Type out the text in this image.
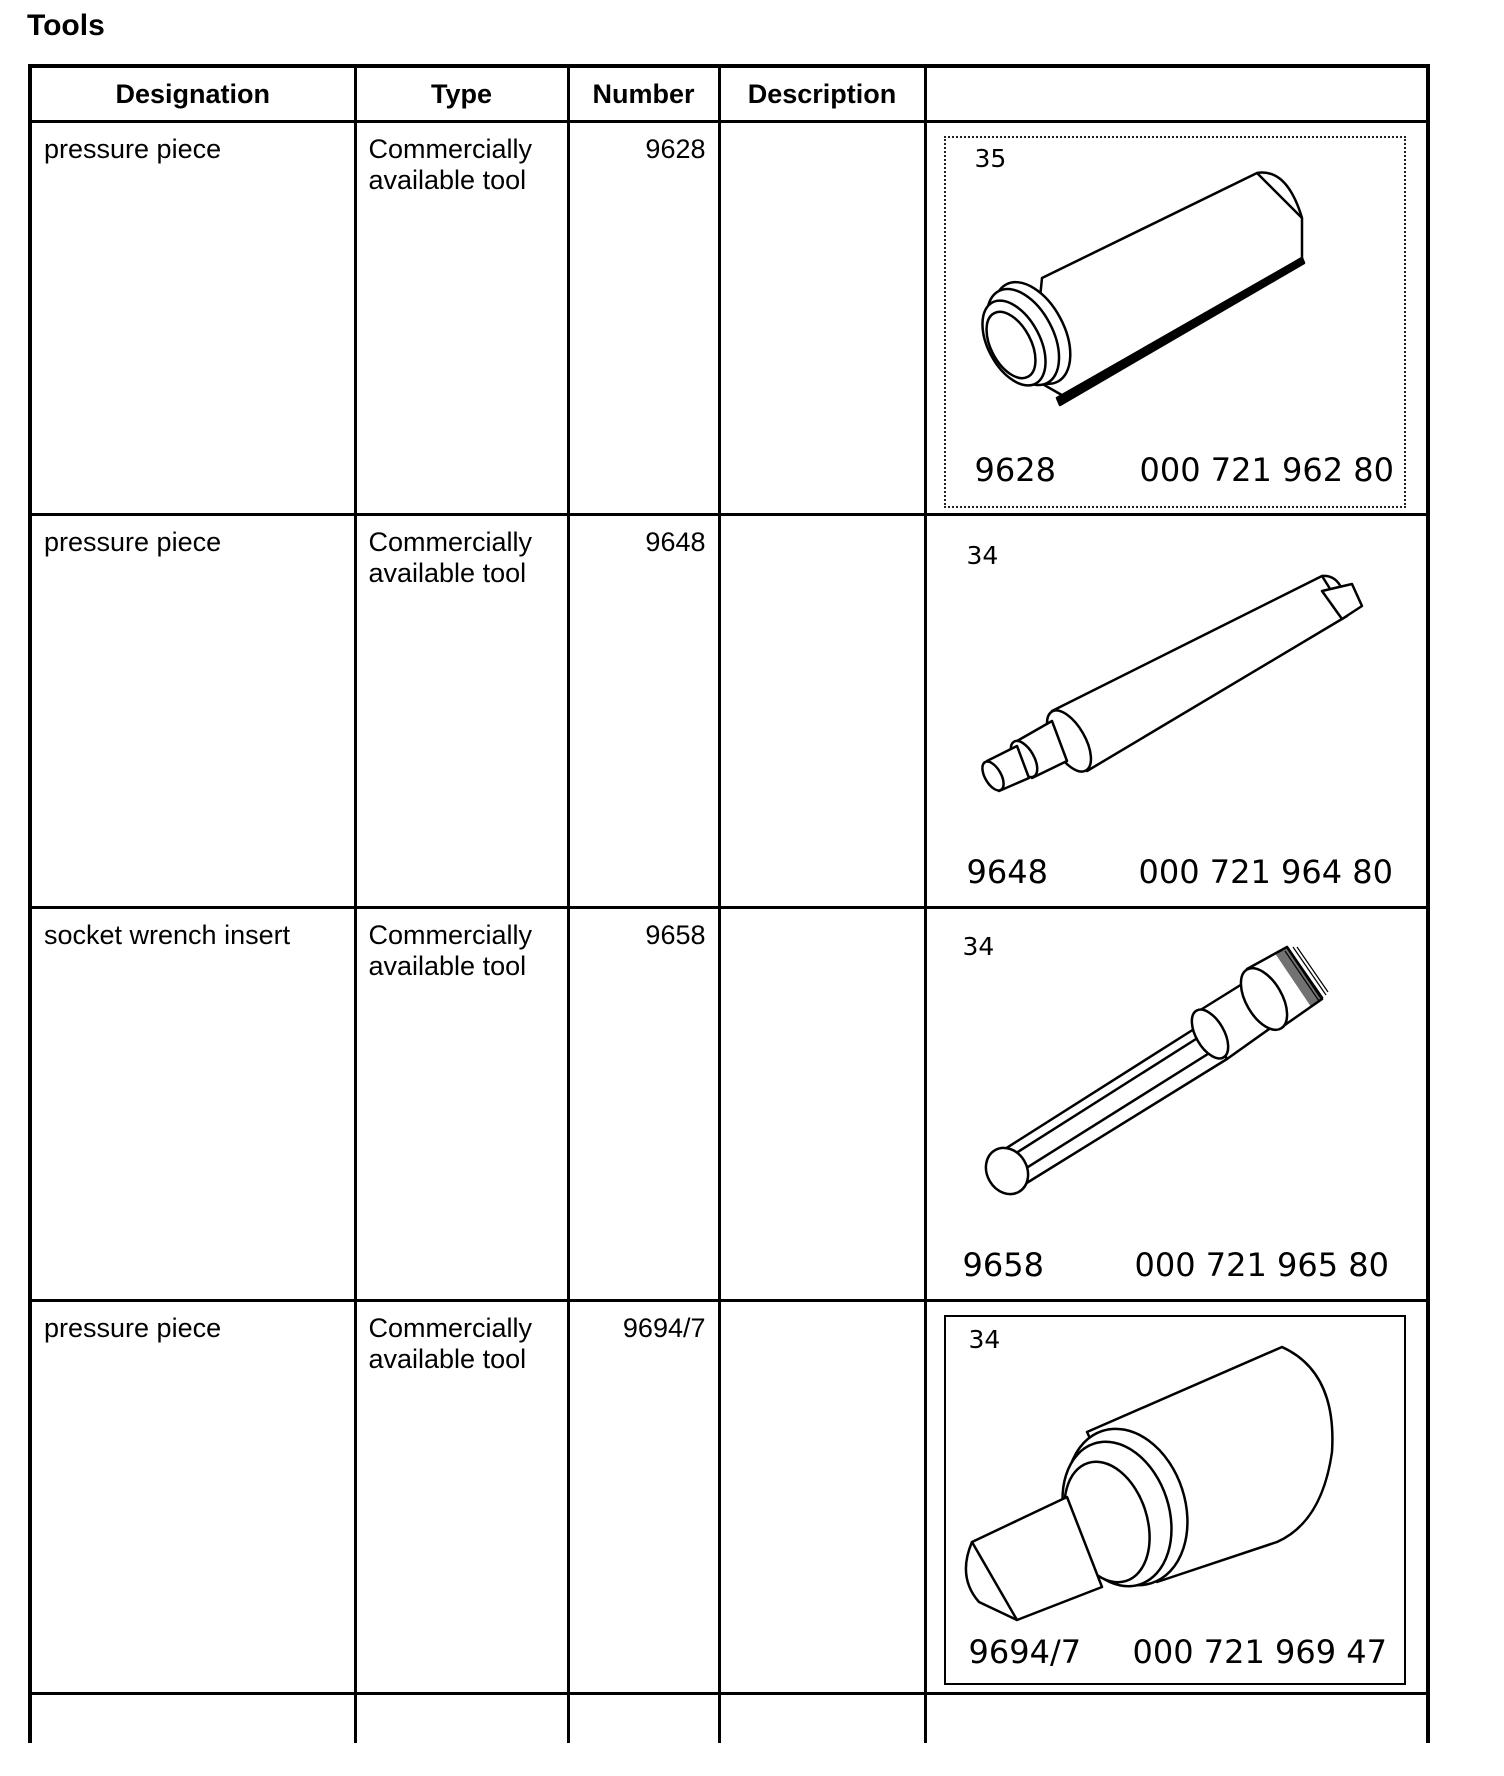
Tools
Designation	Type	Number	Description	

pressure piece	Commercially available tool	9628		35
9628 000 721 962 80

pressure piece	Commercially available tool	9648		34
9648 000 721 964 80

socket wrench insert	Commercially available tool	9658		34
9658 000 721 965 80

pressure piece	Commercially available tool	9694/7		34
9694/7 000 721 969 47
